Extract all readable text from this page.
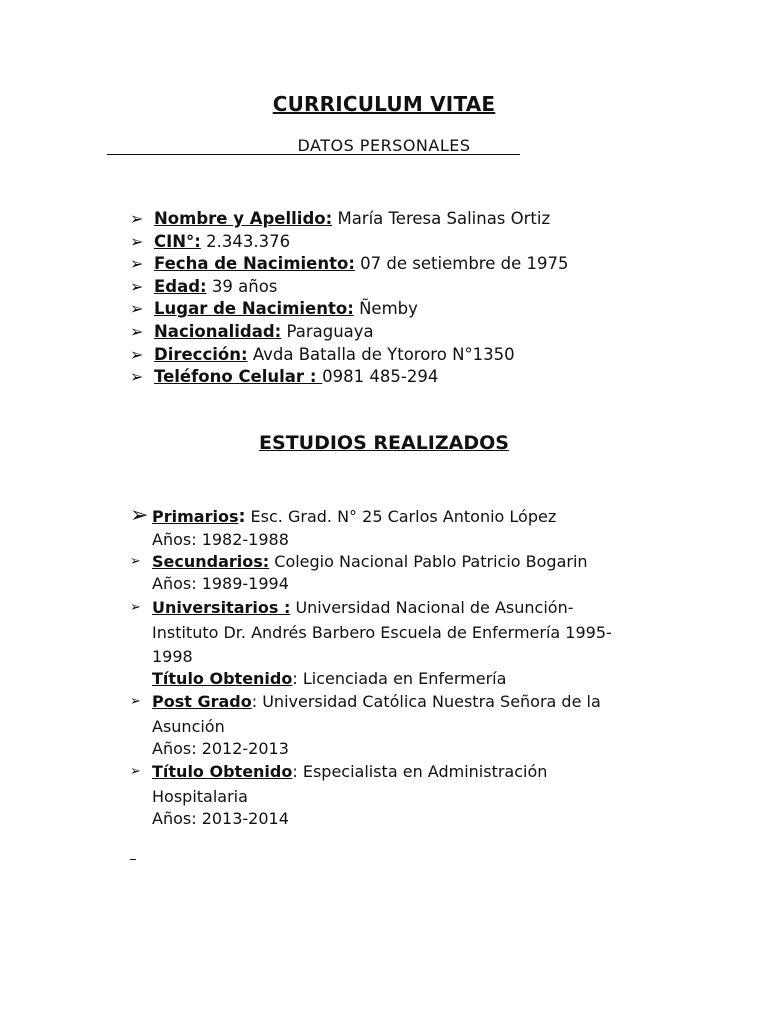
CURRICULUM VITAE
DATOS PERSONALES
➢ Nombre y Apellido: María Teresa Salinas Ortiz
➢ CIN°: 2.343.376
➢ Fecha de Nacimiento: 07 de setiembre de 1975
➢ Edad: 39 años
➢ Lugar de Nacimiento: Ñemby
➢ Nacionalidad: Paraguaya
➢ Dirección: Avda Batalla de Ytororo N°1350
➢ Teléfono Celular : 0981 485-294
ESTUDIOS REALIZADOS
➢ Primarios: Esc. Grad. N° 25 Carlos Antonio López
Años: 1982-1988
➢ Secundarios: Colegio Nacional Pablo Patricio Bogarin
Años: 1989-1994
➢ Universitarios : Universidad Nacional de Asunción-
Instituto Dr. Andrés Barbero Escuela de Enfermería 1995-
1998
Título Obtenido: Licenciada en Enfermería
➢ Post Grado: Universidad Católica Nuestra Señora de la
Asunción
Años: 2012-2013
➢ Título Obtenido: Especialista en Administración
Hospitalaria
Años: 2013-2014
